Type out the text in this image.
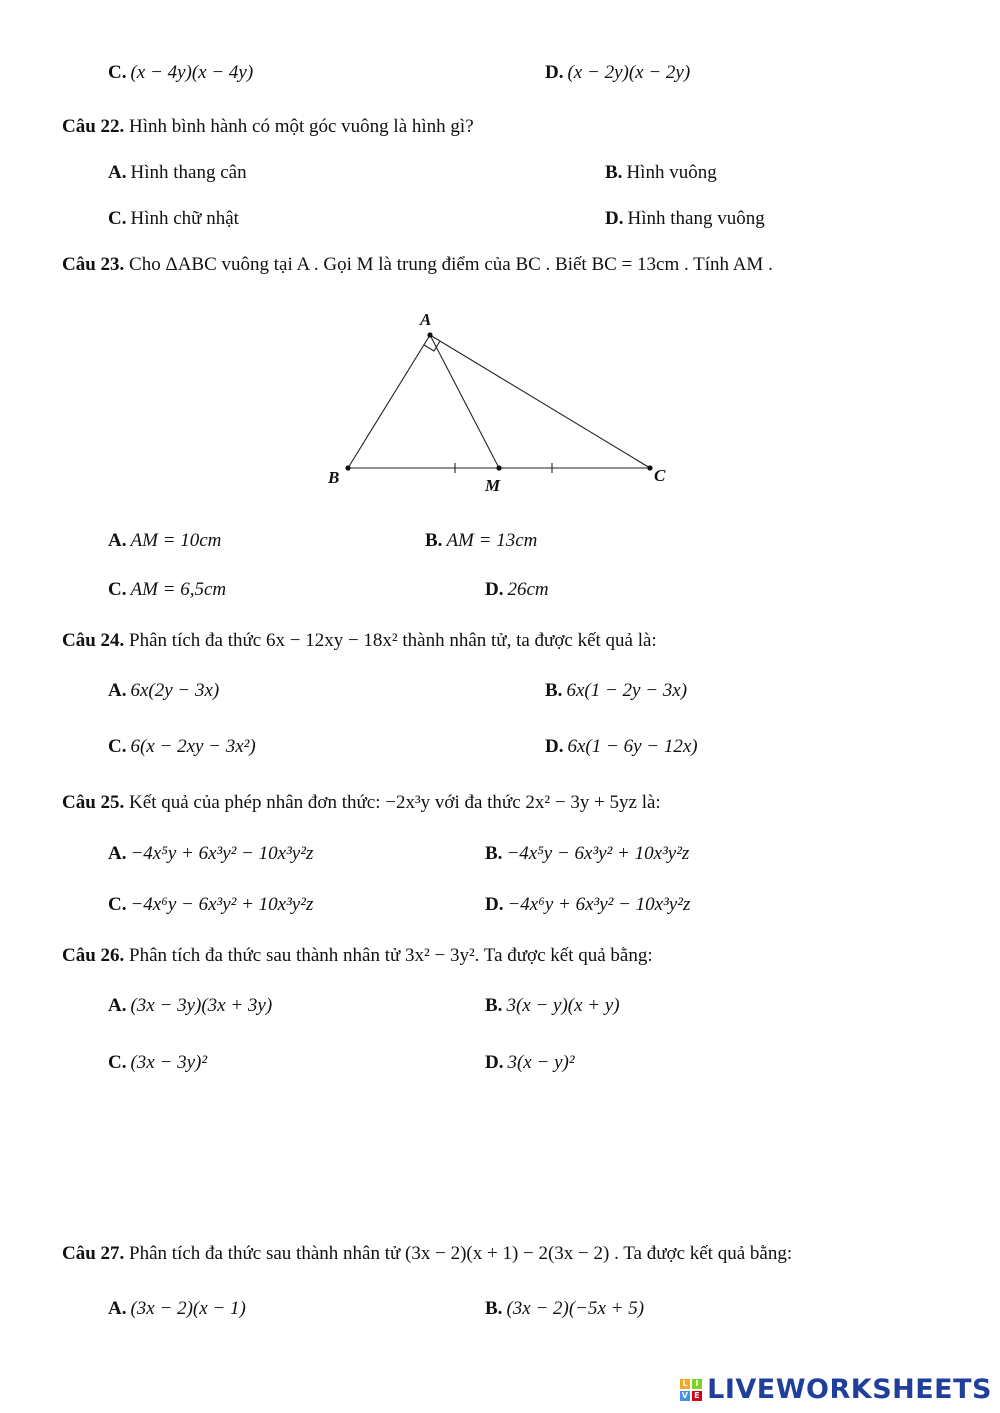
C. (x − 4y)(x − 4y)	D. (x − 2y)(x − 2y)
Câu 22. Hình bình hành có một góc vuông là hình gì?
A. Hình thang cân	B. Hình vuông
C. Hình chữ nhật	D. Hình thang vuông
Câu 23. Cho ΔABC vuông tại A . Gọi M là trung điểm của BC . Biết BC = 13cm . Tính AM .
A
B	M
C
A. AM = 10cm	B. AM = 13cm
C. AM = 6,5cm	D. 26cm
Câu 24. Phân tích đa thức 6x − 12xy − 18x² thành nhân tử, ta được kết quả là:
A. 6x(2y − 3x)	B. 6x(1 − 2y − 3x)
C. 6(x − 2xy − 3x²)	D. 6x(1 − 6y − 12x)
Câu 25. Kết quả của phép nhân đơn thức: −2x³y với đa thức 2x² − 3y + 5yz là:
A. −4x⁵y + 6x³y² − 10x³y²z	B. −4x⁵y − 6x³y² + 10x³y²z
C. −4x⁶y − 6x³y² + 10x³y²z	D. −4x⁶y + 6x³y² − 10x³y²z
Câu 26. Phân tích đa thức sau thành nhân tử 3x² − 3y². Ta được kết quả bằng:
A. (3x − 3y)(3x + 3y)	B. 3(x − y)(x + y)
C. (3x − 3y)²	D. 3(x − y)²
Câu 27. Phân tích đa thức sau thành nhân tử (3x − 2)(x + 1) − 2(3x − 2) . Ta được kết quả bằng:
A. (3x − 2)(x − 1)	B. (3x − 2)(−5x + 5)
L I
V E LIVEWORKSHEETS
